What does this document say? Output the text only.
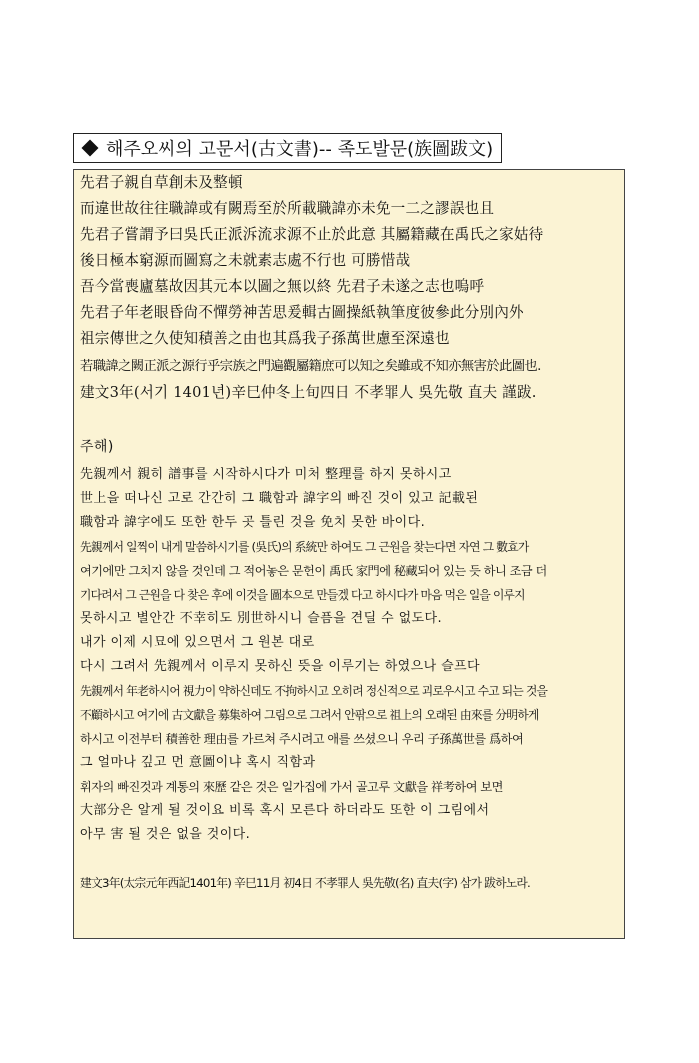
해주오씨의 고문서(古文書)-- 족도발문(族圖跋文)
先君子親自草創未及整頓
而違世故往往職諱或有闕焉至於所載職諱亦未免一二之謬誤也且
先君子嘗謂予曰吳氏正派泝流求源不止於此意 其屬籍藏在禹氏之家姑待
後日極本窮源而圖寫之未就素志處不行也 可勝惜哉
吾今當喪廬墓故因其元本以圖之無以終 先君子未遂之志也嗚呼
先君子年老眼昏尙不憚勞神苦思爰輯古圖操紙執筆度彼參此分別內外
祖宗傳世之久使知積善之由也其爲我子孫萬世慮至深遠也
若職諱之闕正派之源行乎宗族之門遍觀屬籍庶可以知之矣雖或不知亦無害於此圖也.
建文3年(서기 1401년)辛巳仲冬上旬四日 不孝罪人 吳先敬 直夫 謹跋.
주해)
先親께서 親히 譜事를 시작하시다가 미처 整理를 하지 못하시고
世上을 떠나신 고로 간간히 그 職함과 諱字의 빠진 것이 있고 記載된
職함과 諱字에도 또한 한두 곳 틀린 것을 免치 못한 바이다.
先親께서 일찍이 내게 말씀하시기를 (吳氏)의 系統만 하여도 그 근원을 찾는다면 자연 그 數효가
여기에만 그치지 않을 것인데 그 적어놓은 문헌이 禹氏 家門에 秘藏되어 있는 듯 하니 조금 더
기다려서 그 근원을 다 찾은 후에 이것을 圖本으로 만들겠 다고 하시다가 마음 먹은 일을 이루지
못하시고 별안간 不幸히도 別世하시니 슬픔을 견딜 수 없도다.
내가 이제 시묘에 있으면서 그 원본 대로
다시 그려서 先親께서 이루지 못하신 뜻을 이루기는 하였으나 슬프다
先親께서 年老하시어 視力이 약하신데도 不拘하시고 오히려 정신적으로 괴로우시고 수고 되는 것을
不顧하시고 여기에 古文獻을 募集하여 그림으로 그려서 안팎으로 祖上의 오래된 由來를 分明하게
하시고 이전부터 積善한 理由를 가르쳐 주시려고 애를 쓰셨으니 우리 子孫萬世를 爲하여
그 얼마나 깊고 먼 意圖이냐 혹시 직함과
휘자의 빠진것과 계통의 來歷 같은 것은 일가집에 가서 골고루 文獻을 祥考하여 보면
大部分은 알게 될 것이요 비록 혹시 모른다 하더라도 또한 이 그림에서
아무 害 될 것은 없을 것이다.
建文3年(太宗元年西記1401年) 辛巳11月 初4日 不孝罪人 吳先敬(名) 直夫(字) 삼가 跋하노라.
